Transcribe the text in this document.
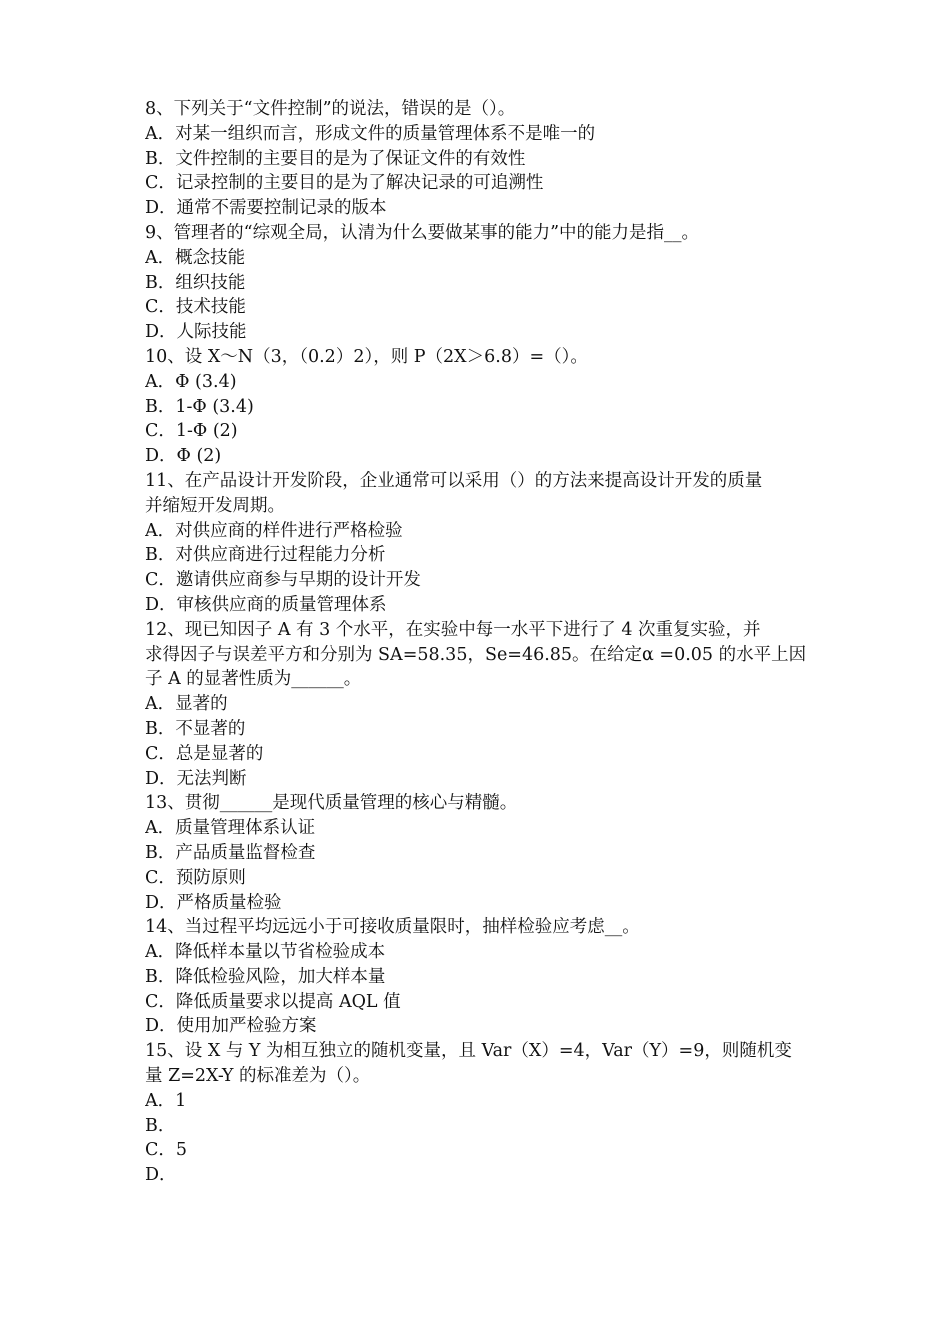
8、下列关于“文件控制”的说法，错误的是（）。
A．对某一组织而言，形成文件的质量管理体系不是唯一的
B．文件控制的主要目的是为了保证文件的有效性
C．记录控制的主要目的是为了解决记录的可追溯性
D．通常不需要控制记录的版本
9、管理者的“综观全局，认清为什么要做某事的能力”中的能力是指__。
A．概念技能
B．组织技能
C．技术技能
D．人际技能
10、设 X～N（3，（0.2）2），则 P（2X＞6.8）=（）。
A．Φ (3.4)
B．1-Φ (3.4)
C．1-Φ (2)
D．Φ (2)
11、在产品设计开发阶段，企业通常可以采用（）的方法来提高设计开发的质量
并缩短开发周期。
A．对供应商的样件进行严格检验
B．对供应商进行过程能力分析
C．邀请供应商参与早期的设计开发
D．审核供应商的质量管理体系
12、现已知因子 A 有 3 个水平，在实验中每一水平下进行了 4 次重复实验，并
求得因子与误差平方和分别为 SA=58.35，Se=46.85。在给定α =0.05 的水平上因
子 A 的显著性质为______。
A．显著的
B．不显著的
C．总是显著的
D．无法判断
13、贯彻______是现代质量管理的核心与精髓。
A．质量管理体系认证
B．产品质量监督检查
C．预防原则
D．严格质量检验
14、当过程平均远远小于可接收质量限时，抽样检验应考虑__。
A．降低样本量以节省检验成本
B．降低检验风险，加大样本量
C．降低质量要求以提高 AQL 值
D．使用加严检验方案
15、设 X 与 Y 为相互独立的随机变量，且 Var（X）=4，Var（Y）=9，则随机变
量 Z=2X-Y 的标准差为（）。
A．1
B．
C．5
D．
